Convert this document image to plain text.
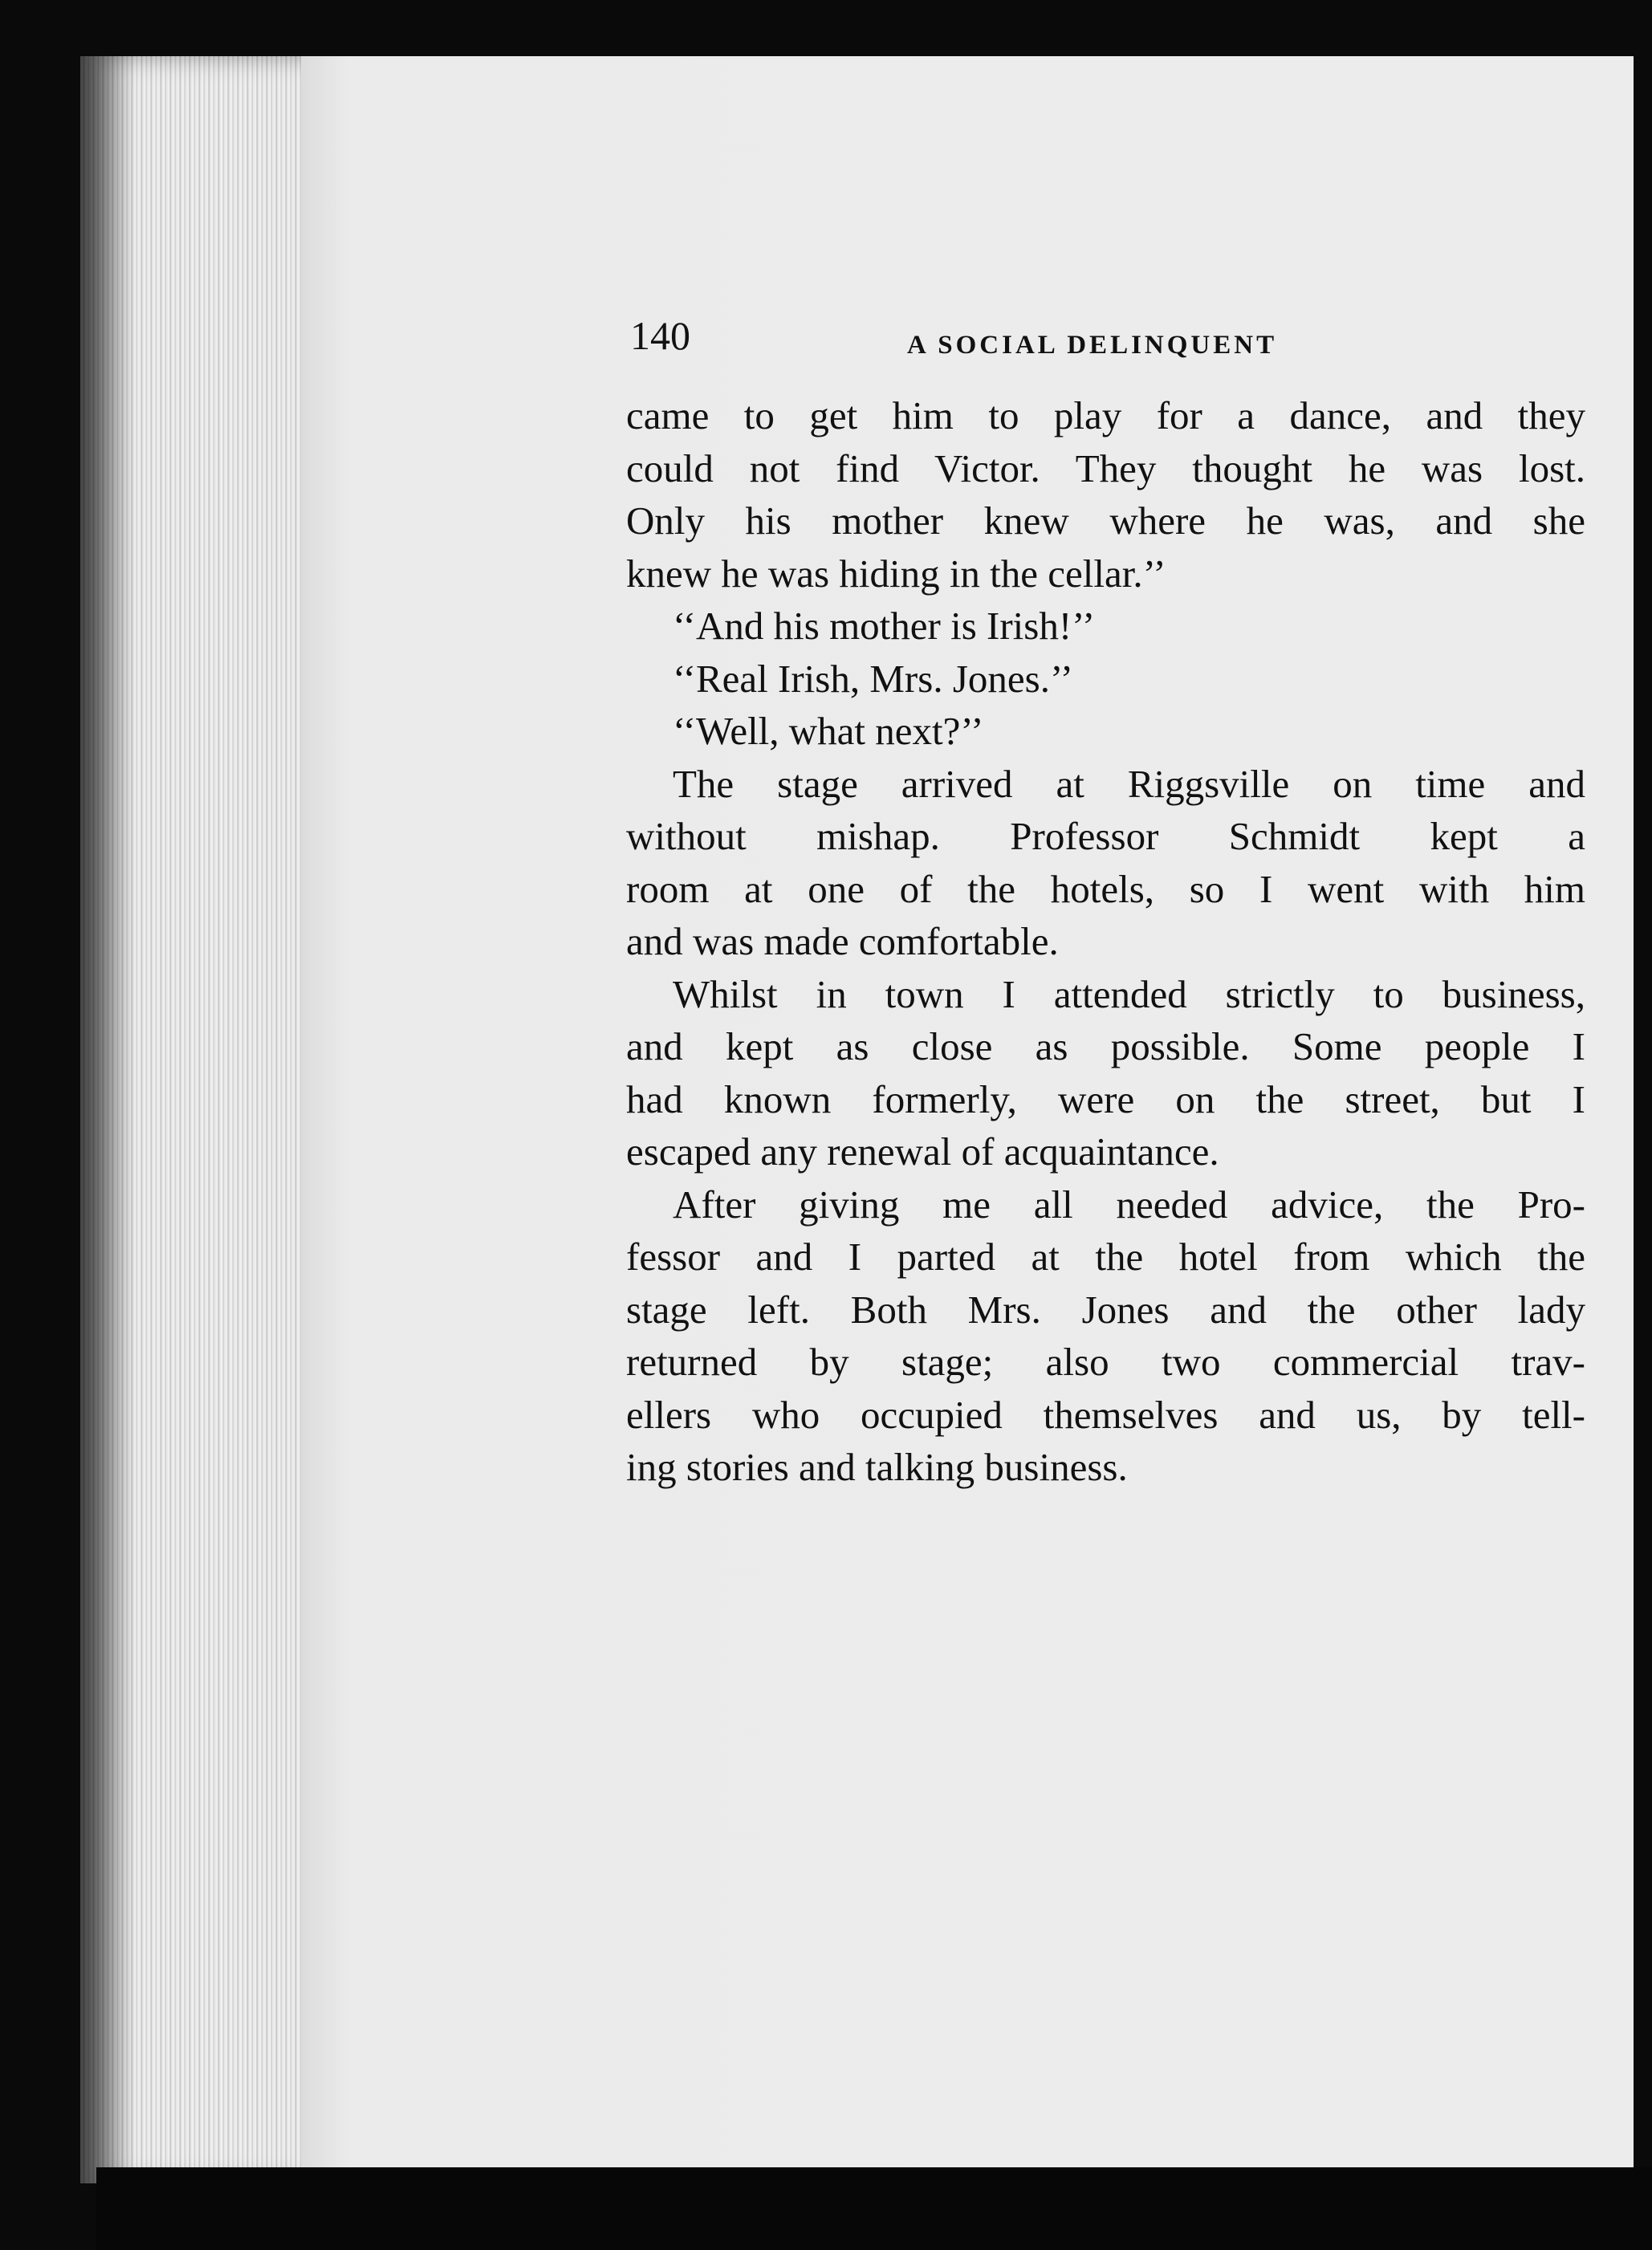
140	A SOCIAL DELINQUENT
came to get him to play for a dance, and they
could not find Victor. They thought he was lost.
Only his mother knew where he was, and she
knew he was hiding in the cellar.’’
‘‘And his mother is Irish!’’
‘‘Real Irish, Mrs. Jones.’’
‘‘Well, what next?’’
The stage arrived at Riggsville on time and
without mishap. Professor Schmidt kept a
room at one of the hotels, so I went with him
and was made comfortable.
Whilst in town I attended strictly to business,
and kept as close as possible. Some people I
had known formerly, were on the street, but I
escaped any renewal of acquaintance.
After giving me all needed advice, the Pro-
fessor and I parted at the hotel from which the
stage left. Both Mrs. Jones and the other lady
returned by stage; also two commercial trav-
ellers who occupied themselves and us, by tell-
ing stories and talking business.
